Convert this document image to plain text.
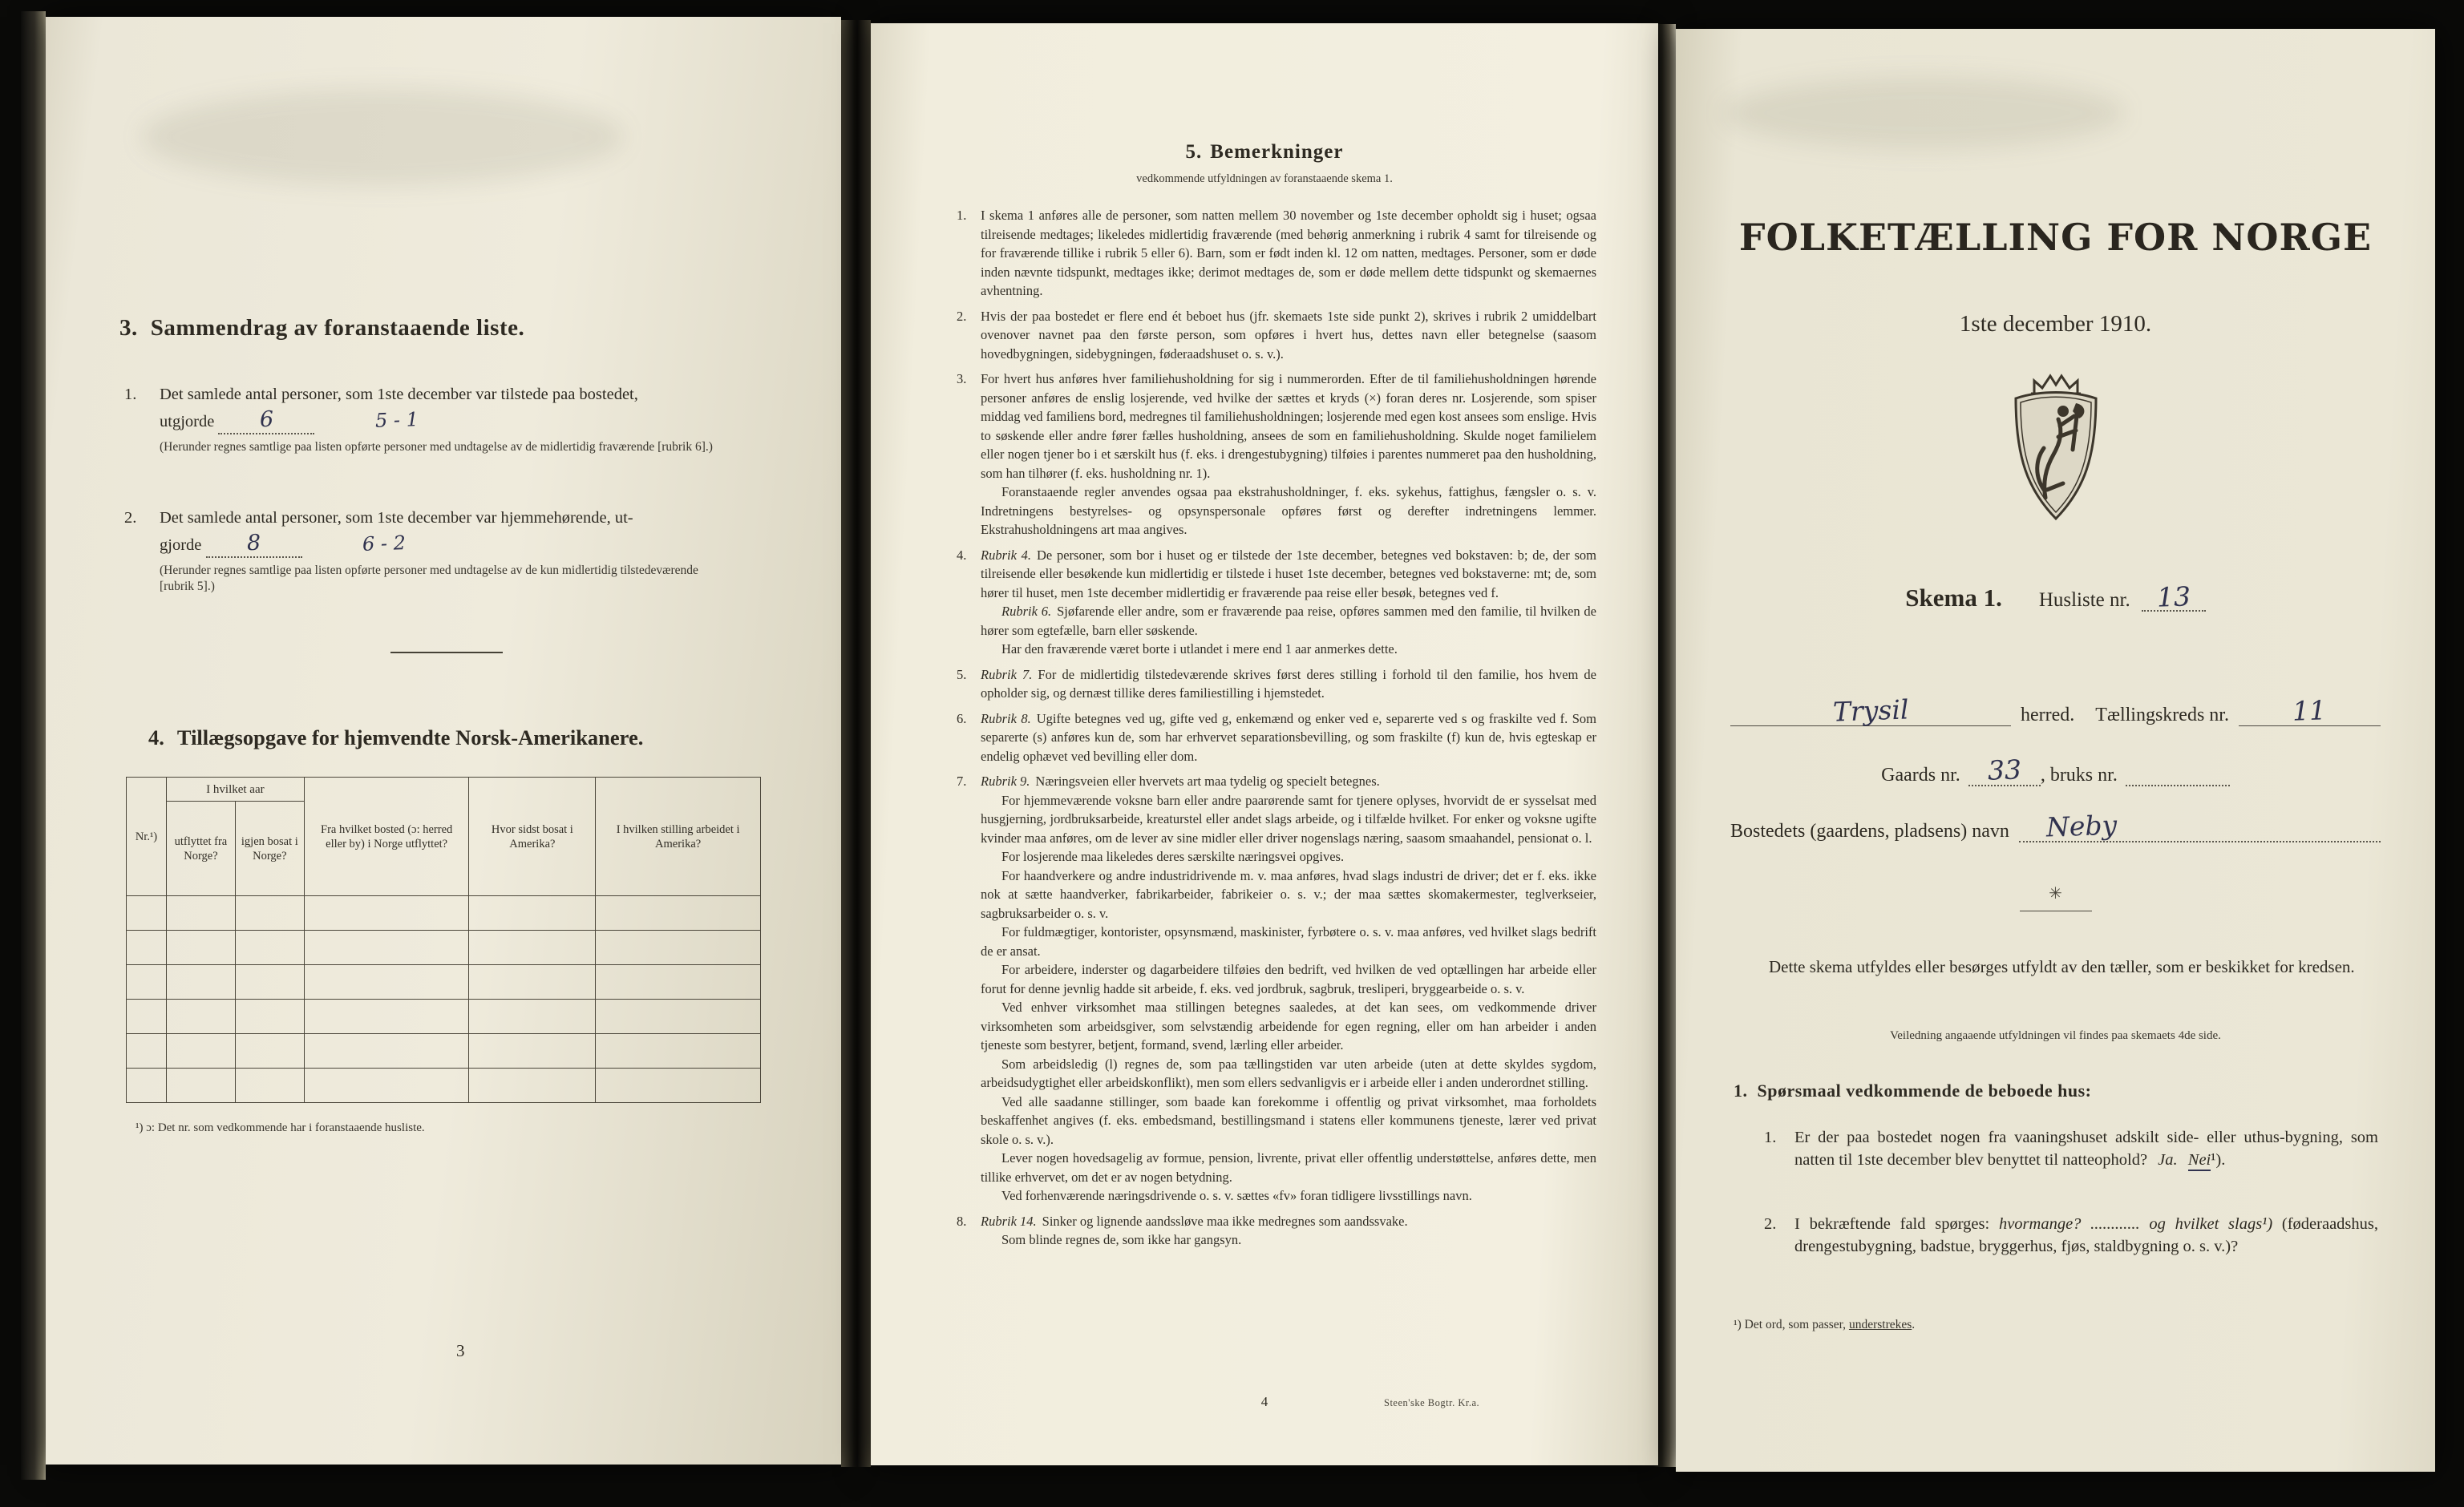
3. Sammendrag av foranstaaende liste.
1. Det samlede antal personer, som 1ste december var tilstede paa bostedet,
utgjorde 6	5 - 1
(Herunder regnes samtlige paa listen opførte personer med undtagelse av de midlertidig fraværende [rubrik 6].)
2. Det samlede antal personer, som 1ste december var hjemmehørende, ut-
gjorde 8	6 - 2
(Herunder regnes samtlige paa listen opførte personer med undtagelse av de kun midlertidig tilstedeværende [rubrik 5].)
4. Tillægsopgave for hjemvendte Norsk-Amerikanere.
Nr.¹)	I hvilket aar		Fra hvilket bosted (ɔ: herred eller by) i Norge utflyttet?	Hvor sidst bosat i Amerika?	I hvilken stilling arbeidet i Amerika?
	utflyttet fra Norge?	igjen bosat i Norge?			

¹) ɔ: Det nr. som vedkommende har i foranstaaende husliste.
3
5. Bemerkninger
vedkommende utfyldningen av foranstaaende skema 1.
1. I skema 1 anføres alle de personer, som natten mellem 30 november og 1ste december opholdt sig i huset; ogsaa tilreisende medtages; likeledes midlertidig fraværende (med behørig anmerkning i rubrik 4 samt for tilreisende og for fraværende tillike i rubrik 5 eller 6). Barn, som er født inden kl. 12 om natten, medtages. Personer, som er døde inden nævnte tidspunkt, medtages ikke; derimot medtages de, som er døde mellem dette tidspunkt og skemaernes avhentning.

2. Hvis der paa bostedet er flere end ét beboet hus (jfr. skemaets 1ste side punkt 2), skrives i rubrik 2 umiddelbart ovenover navnet paa den første person, som opføres i hvert hus, dettes navn eller betegnelse (saasom hovedbygningen, sidebygningen, føderaadshuset o. s. v.).

3. For hvert hus anføres hver familiehusholdning for sig i nummerorden. Efter de til familiehusholdningen hørende personer anføres de enslig losjerende, ved hvilke der sættes et kryds (×) foran deres nr. Losjerende, som spiser middag ved familiens bord, medregnes til familiehusholdningen; losjerende med egen kost ansees som enslige. Hvis to søskende eller andre fører fælles husholdning, ansees de som en familiehusholdning. Skulde noget familielem eller nogen tjener bo i et særskilt hus (f. eks. i drengestubygning) tilføies i parentes nummeret paa den husholdning, som han tilhører (f. eks. husholdning nr. 1).

Foranstaaende regler anvendes ogsaa paa ekstrahusholdninger, f. eks. sykehus, fattighus, fængsler o. s. v. Indretningens bestyrelses- og opsynspersonale opføres først og derefter indretningens lemmer. Ekstrahusholdningens art maa angives.

4. Rubrik 4. De personer, som bor i huset og er tilstede der 1ste december, betegnes ved bokstaven: b; de, der som tilreisende eller besøkende kun midlertidig er tilstede i huset 1ste december, betegnes ved bokstaverne: mt; de, som hører til huset, men 1ste december midlertidig er fraværende paa reise eller besøk, betegnes ved f.

Rubrik 6. Sjøfarende eller andre, som er fraværende paa reise, opføres sammen med den familie, til hvilken de hører som egtefælle, barn eller søskende.

Har den fraværende været borte i utlandet i mere end 1 aar anmerkes dette.

5. Rubrik 7. For de midlertidig tilstedeværende skrives først deres stilling i forhold til den familie, hos hvem de opholder sig, og dernæst tillike deres familiestilling i hjemstedet.

6. Rubrik 8. Ugifte betegnes ved ug, gifte ved g, enkemænd og enker ved e, separerte ved s og fraskilte ved f. Som separerte (s) anføres kun de, som har erhvervet separationsbevilling, og som fraskilte (f) kun de, hvis egteskap er endelig ophævet ved bevilling eller dom.

7. Rubrik 9. Næringsveien eller hvervets art maa tydelig og specielt betegnes.

For hjemmeværende voksne barn eller andre paarørende samt for tjenere oplyses, hvorvidt de er sysselsat med husgjerning, jordbruksarbeide, kreaturstel eller andet slags arbeide, og i tilfælde hvilket. For enker og voksne ugifte kvinder maa anføres, om de lever av sine midler eller driver nogenslags næring, saasom smaahandel, pensionat o. l.

For losjerende maa likeledes deres særskilte næringsvei opgives.

For haandverkere og andre industridrivende m. v. maa anføres, hvad slags industri de driver; det er f. eks. ikke nok at sætte haandverker, fabrikarbeider, fabrikeier o. s. v.; der maa sættes skomakermester, teglverkseier, sagbruksarbeider o. s. v.

For fuldmægtiger, kontorister, opsynsmænd, maskinister, fyrbøtere o. s. v. maa anføres, ved hvilket slags bedrift de er ansat.

For arbeidere, inderster og dagarbeidere tilføies den bedrift, ved hvilken de ved optællingen har arbeide eller forut for denne jevnlig hadde sit arbeide, f. eks. ved jordbruk, sagbruk, tresliperi, bryggearbeide o. s. v.

Ved enhver virksomhet maa stillingen betegnes saaledes, at det kan sees, om vedkommende driver virksomheten som arbeidsgiver, som selvstændig arbeidende for egen regning, eller om han arbeider i anden tjeneste som bestyrer, betjent, formand, svend, lærling eller arbeider.

Som arbeidsledig (l) regnes de, som paa tællingstiden var uten arbeide (uten at dette skyldes sygdom, arbeidsudygtighet eller arbeidskonflikt), men som ellers sedvanligvis er i arbeide eller i anden underordnet stilling.

Ved alle saadanne stillinger, som baade kan forekomme i offentlig og privat virksomhet, maa forholdets beskaffenhet angives (f. eks. embedsmand, bestillingsmand i statens eller kommunens tjeneste, lærer ved privat skole o. s. v.).

Lever nogen hovedsagelig av formue, pension, livrente, privat eller offentlig understøttelse, anføres dette, men tillike erhvervet, om det er av nogen betydning.

Ved forhenværende næringsdrivende o. s. v. sættes «fv» foran tidligere livsstillings navn.

8. Rubrik 14. Sinker og lignende aandssløve maa ikke medregnes som aandssvake.

Som blinde regnes de, som ikke har gangsyn.

4	Steen'ske Bogtr. Kr.a.
FOLKETÆLLING FOR NORGE
1ste december 1910.
Skema 1. Husliste nr. 13
Trysil	herred. Tællingskreds nr.	11
Gaards nr.	33 , bruks nr.
Bostedets (gaardens, pladsens) navn	Neby
✳
Dette skema utfyldes eller besørges utfyldt av den tæller, som er beskikket for kredsen.
Veiledning angaaende utfyldningen vil findes paa skemaets 4de side.
1. Spørsmaal vedkommende de beboede hus:
1. Er der paa bostedet nogen fra vaaningshuset adskilt side- eller uthus-bygning, som natten til 1ste december blev benyttet til natteophold? Ja. Nei¹).
2. I bekræftende fald spørges: hvormange? ............ og hvilket slags¹) (føderaadshus, drengestubygning, badstue, bryggerhus, fjøs, staldbygning o. s. v.)?
¹) Det ord, som passer, understrekes.
